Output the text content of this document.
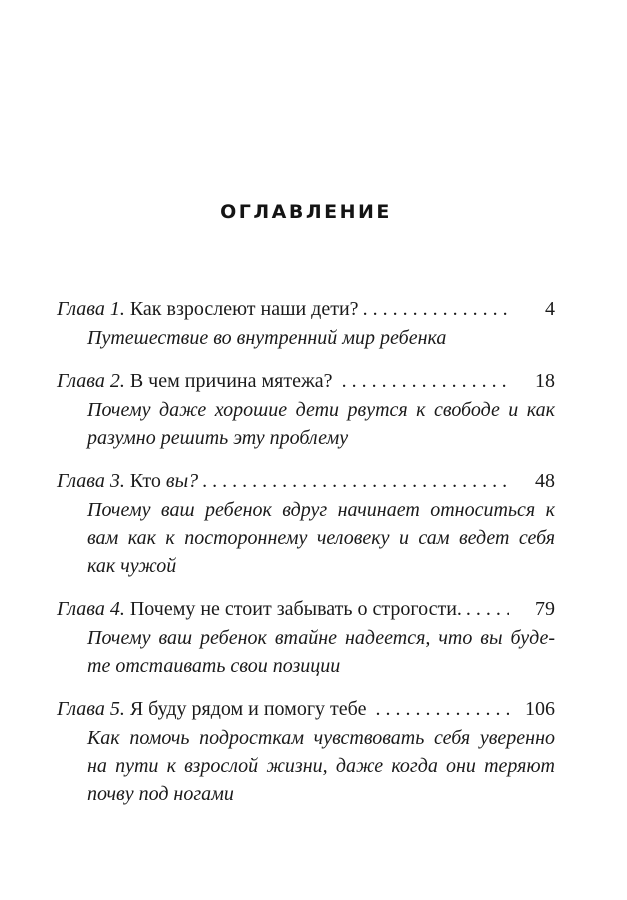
ОГЛАВЛЕНИЕ
Глава 1. Как взрослеют наши дети? . . .	4
Путешествие во внутренний мир ребенка
Глава 2. В чем причина мятежа? . . .	18
Почему даже хорошие дети рвутся к свободе и как
разумно решить эту проблему
Глава 3. Кто вы? . . .	48
Почему ваш ребенок вдруг начинает относиться к
вам как к постороннему человеку и сам ведет себя
как чужой
Глава 4. Почему не стоит забывать о строгости. . . .	79
Почему ваш ребенок втайне надеется, что вы буде-
те отстаивать свои позиции
Глава 5. Я буду рядом и помогу тебе . . .	106
Как помочь подросткам чувствовать себя уверенно
на пути к взрослой жизни, даже когда они теряют
почву под ногами
